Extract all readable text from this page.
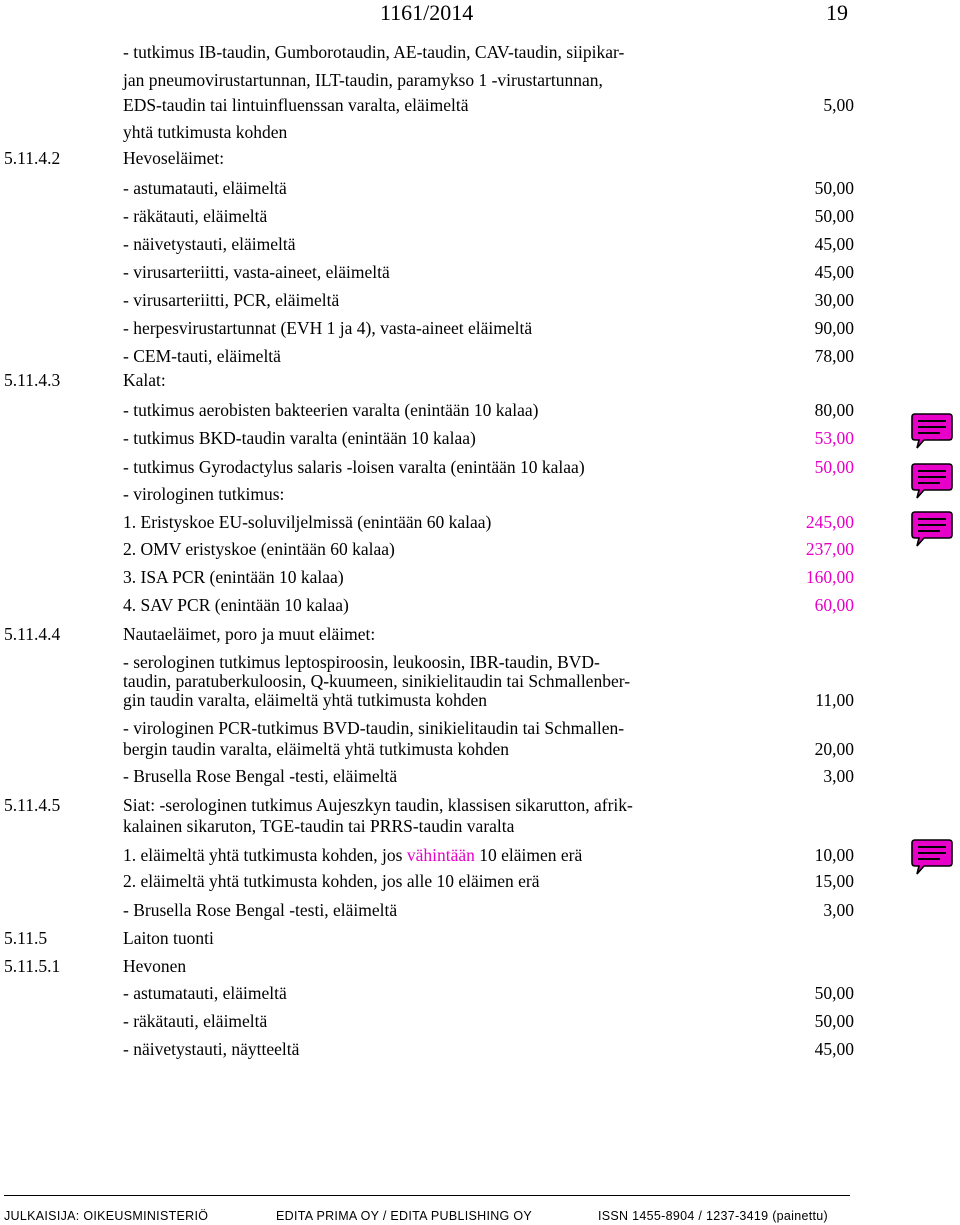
1161/2014	19
- tutkimus IB-taudin, Gumborotaudin, AE-taudin, CAV-taudin, siipikar-
jan pneumovirustartunnan, ILT-taudin, paramykso 1 -virustartunnan,
EDS-taudin tai lintuinfluenssan varalta, eläimeltä	5,00
yhtä tutkimusta kohden
5.11.4.2	Hevoseläimet:
- astumatauti, eläimeltä	50,00
- räkätauti, eläimeltä	50,00
- näivetystauti, eläimeltä	45,00
- virusarteriitti, vasta-aineet, eläimeltä	45,00
- virusarteriitti, PCR, eläimeltä	30,00
- herpesvirustartunnat (EVH 1 ja 4), vasta-aineet eläimeltä	90,00
- CEM-tauti, eläimeltä	78,00
5.11.4.3	Kalat:
- tutkimus aerobisten bakteerien varalta (enintään 10 kalaa)	80,00
- tutkimus BKD-taudin varalta (enintään 10 kalaa)	53,00
- tutkimus Gyrodactylus salaris -loisen varalta (enintään 10 kalaa)	50,00
- virologinen tutkimus:
1. Eristyskoe EU-soluviljelmissä (enintään 60 kalaa)	245,00
2. OMV eristyskoe (enintään 60 kalaa)	237,00
3. ISA PCR (enintään 10 kalaa)	160,00
4. SAV PCR (enintään 10 kalaa)	60,00
5.11.4.4	Nautaeläimet, poro ja muut eläimet:
- serologinen tutkimus leptospiroosin, leukoosin, IBR-taudin, BVD-
taudin, paratuberkuloosin, Q-kuumeen, sinikielitaudin tai Schmallenber-
gin taudin varalta, eläimeltä yhtä tutkimusta kohden	11,00
- virologinen PCR-tutkimus BVD-taudin, sinikielitaudin tai Schmallen-
bergin taudin varalta, eläimeltä yhtä tutkimusta kohden	20,00
- Brusella Rose Bengal -testi, eläimeltä	3,00
5.11.4.5	Siat: -serologinen tutkimus Aujeszkyn taudin, klassisen sikarutton, afrik-
kalainen sikaruton, TGE-taudin tai PRRS-taudin varalta
1. eläimeltä yhtä tutkimusta kohden, jos vähintään 10 eläimen erä	10,00
2. eläimeltä yhtä tutkimusta kohden, jos alle 10 eläimen erä	15,00
- Brusella Rose Bengal -testi, eläimeltä	3,00
5.11.5	Laiton tuonti
5.11.5.1	Hevonen
- astumatauti, eläimeltä	50,00
- räkätauti, eläimeltä	50,00
- näivetystauti, näytteeltä	45,00
JULKAISIJA: OIKEUSMINISTERIÖ	EDITA PRIMA OY / EDITA PUBLISHING OY	ISSN 1455-8904 / 1237-3419 (painettu)
